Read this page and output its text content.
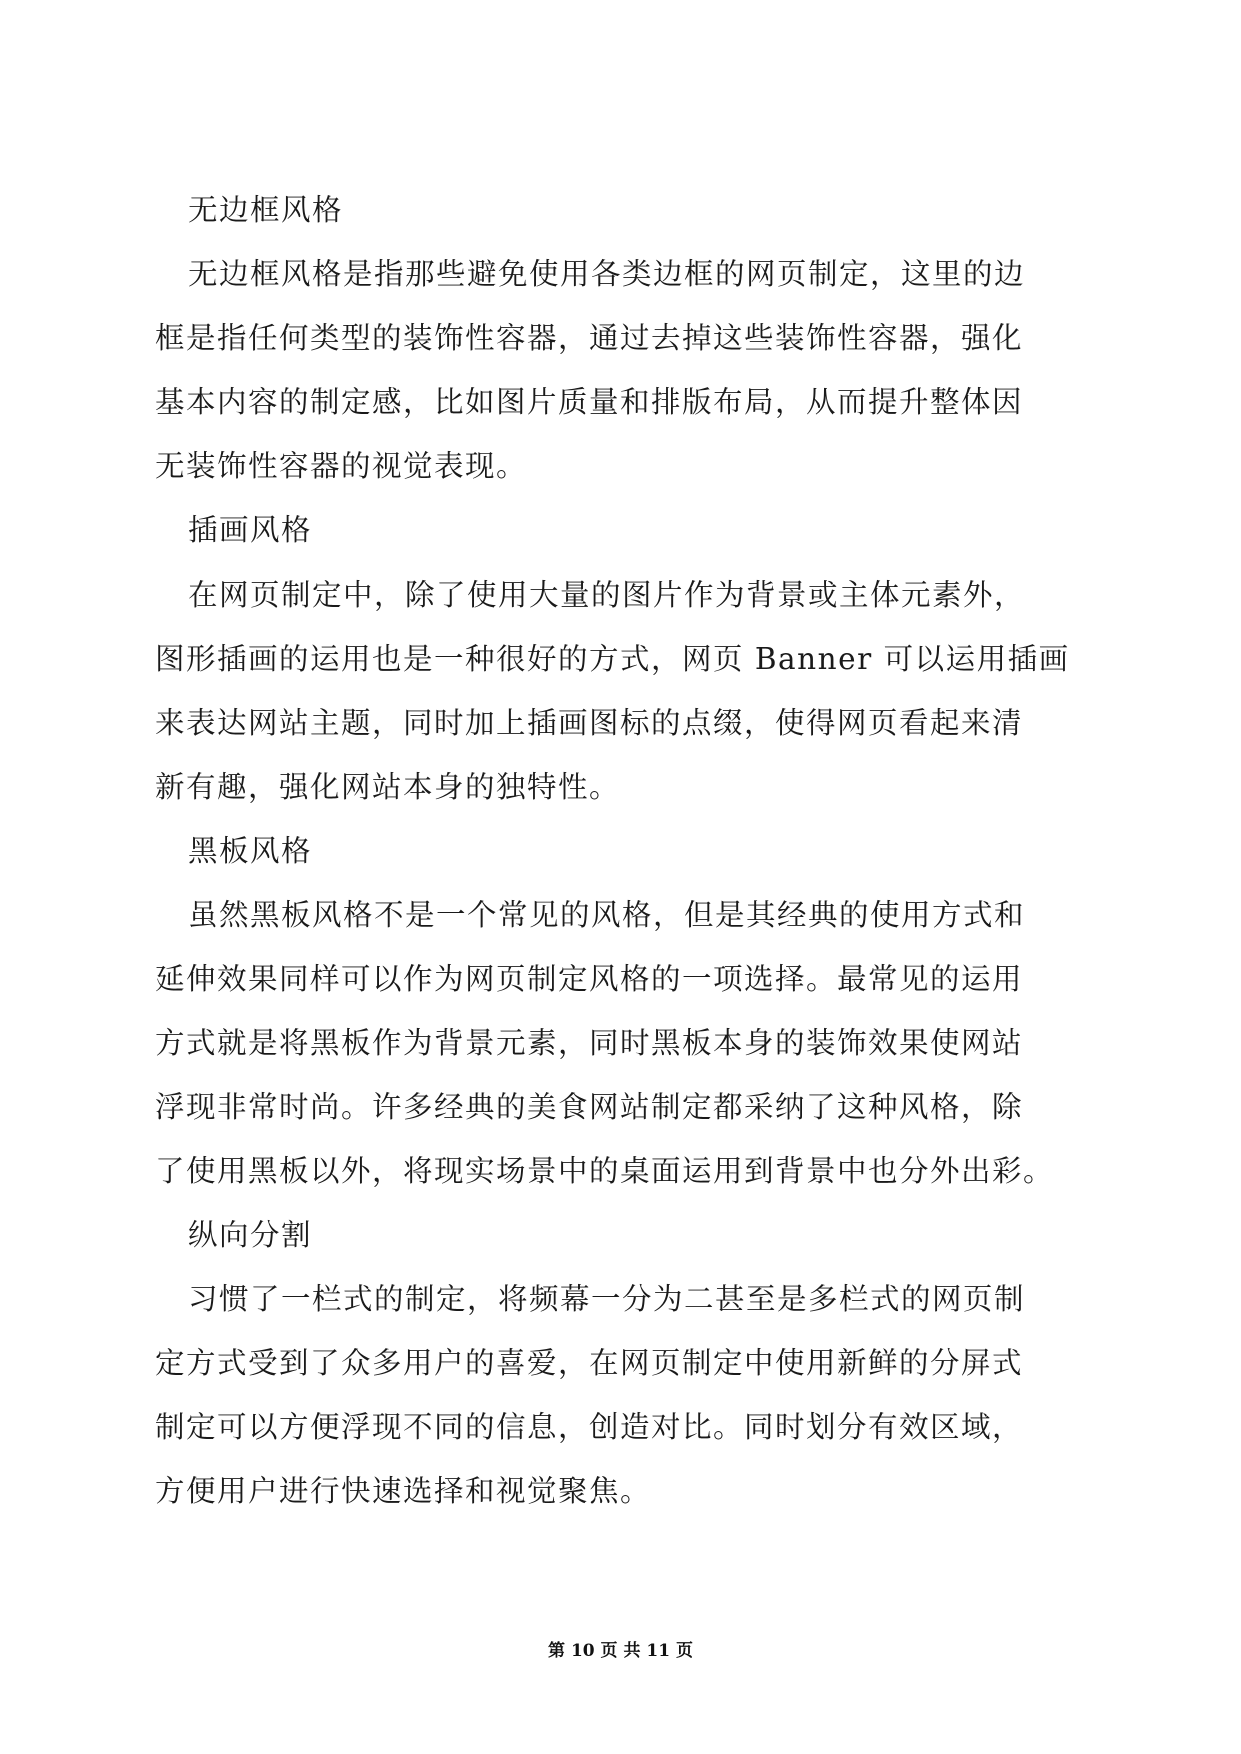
无边框风格
无边框风格是指那些避免使用各类边框的网页制定，这里的边
框是指任何类型的装饰性容器，通过去掉这些装饰性容器，强化
基本内容的制定感，比如图片质量和排版布局，从而提升整体因
无装饰性容器的视觉表现。
插画风格
在网页制定中，除了使用大量的图片作为背景或主体元素外，
图形插画的运用也是一种很好的方式，网页 Banner 可以运用插画
来表达网站主题，同时加上插画图标的点缀，使得网页看起来清
新有趣，强化网站本身的独特性。
黑板风格
虽然黑板风格不是一个常见的风格，但是其经典的使用方式和
延伸效果同样可以作为网页制定风格的一项选择。最常见的运用
方式就是将黑板作为背景元素，同时黑板本身的装饰效果使网站
浮现非常时尚。许多经典的美食网站制定都采纳了这种风格，除
了使用黑板以外，将现实场景中的桌面运用到背景中也分外出彩。
纵向分割
习惯了一栏式的制定，将频幕一分为二甚至是多栏式的网页制
定方式受到了众多用户的喜爱，在网页制定中使用新鲜的分屏式
制定可以方便浮现不同的信息，创造对比。同时划分有效区域，
方便用户进行快速选择和视觉聚焦。
第 10 页 共 11 页
